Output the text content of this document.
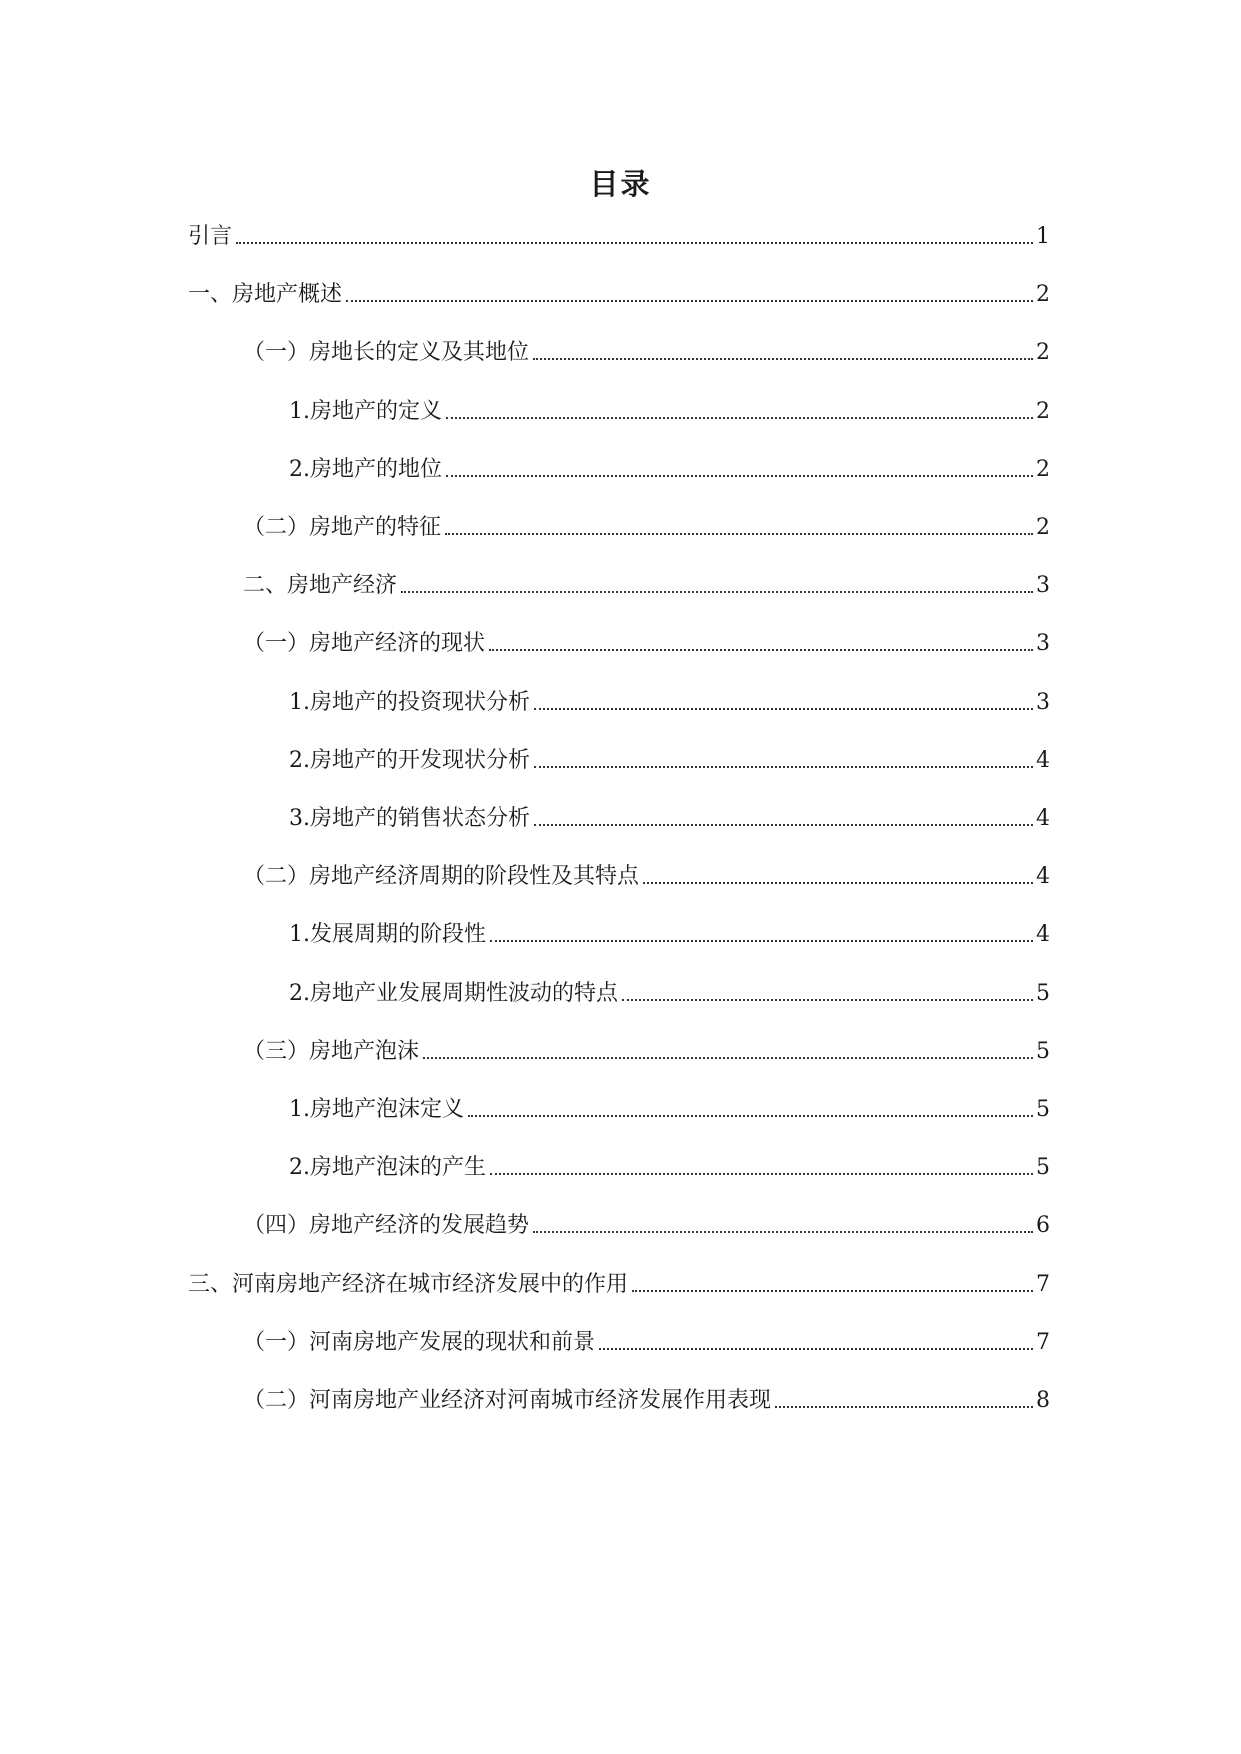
目录
引言	1
一、房地产概述	2
（一）房地长的定义及其地位	2
1.房地产的定义	2
2.房地产的地位	2
（二）房地产的特征	2
二、房地产经济	3
（一）房地产经济的现状	3
1.房地产的投资现状分析	3
2.房地产的开发现状分析	4
3.房地产的销售状态分析	4
（二）房地产经济周期的阶段性及其特点	4
1.发展周期的阶段性	4
2.房地产业发展周期性波动的特点	5
（三）房地产泡沫	5
1.房地产泡沫定义	5
2.房地产泡沫的产生	5
（四）房地产经济的发展趋势	6
三、河南房地产经济在城市经济发展中的作用	7
（一）河南房地产发展的现状和前景	7
（二）河南房地产业经济对河南城市经济发展作用表现	8
